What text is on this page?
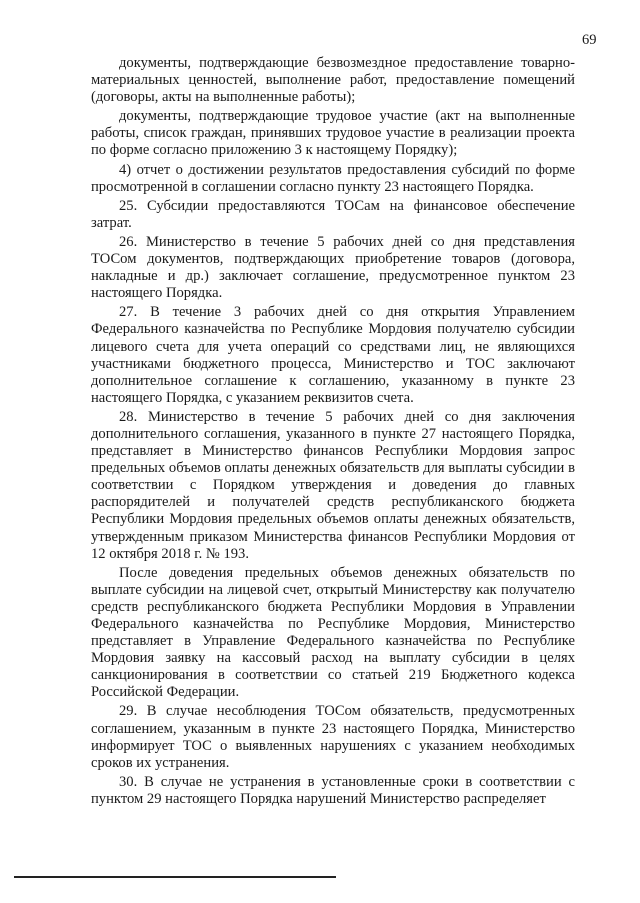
69

документы, подтверждающие безвозмездное предоставление товарно-материальных ценностей, выполнение работ, предоставление помещений (договоры, акты на выполненные работы);

документы, подтверждающие трудовое участие (акт на выполненные работы, список граждан, принявших трудовое участие в реализации проекта по форме согласно приложению 3 к настоящему Порядку);

4) отчет о достижении результатов предоставления субсидий по форме просмотренной в соглашении согласно пункту 23 настоящего Порядка.

25. Субсидии предоставляются ТОСам на финансовое обеспечение затрат.

26. Министерство в течение 5 рабочих дней со дня представления ТОСом документов, подтверждающих приобретение товаров (договора, накладные и др.) заключает соглашение, предусмотренное пунктом 23 настоящего Порядка.

27. В течение 3 рабочих дней со дня открытия Управлением Федерального казначейства по Республике Мордовия получателю субсидии лицевого счета для учета операций со средствами лиц, не являющихся участниками бюджетного процесса, Министерство и ТОС заключают дополнительное соглашение к соглашению, указанному в пункте 23 настоящего Порядка, с указанием реквизитов счета.

28. Министерство в течение 5 рабочих дней со дня заключения дополнительного соглашения, указанного в пункте 27 настоящего Порядка, представляет в Министерство финансов Республики Мордовия запрос предельных объемов оплаты денежных обязательств для выплаты субсидии в соответствии с Порядком утверждения и доведения до главных распорядителей и получателей средств республиканского бюджета Республики Мордовия предельных объемов оплаты денежных обязательств, утвержденным приказом Министерства финансов Республики Мордовия от 12 октября 2018 г. № 193.

После доведения предельных объемов денежных обязательств по выплате субсидии на лицевой счет, открытый Министерству как получателю средств республиканского бюджета Республики Мордовия в Управлении Федерального казначейства по Республике Мордовия, Министерство представляет в Управление Федерального казначейства по Республике Мордовия заявку на кассовый расход на выплату субсидии в целях санкционирования в соответствии со статьей 219 Бюджетного кодекса Российской Федерации.

29. В случае несоблюдения ТОСом обязательств, предусмотренных соглашением, указанным в пункте 23 настоящего Порядка, Министерство информирует ТОС о выявленных нарушениях с указанием необходимых сроков их устранения.

30. В случае не устранения в установленные сроки в соответствии с пунктом 29 настоящего Порядка нарушений Министерство распределяет
